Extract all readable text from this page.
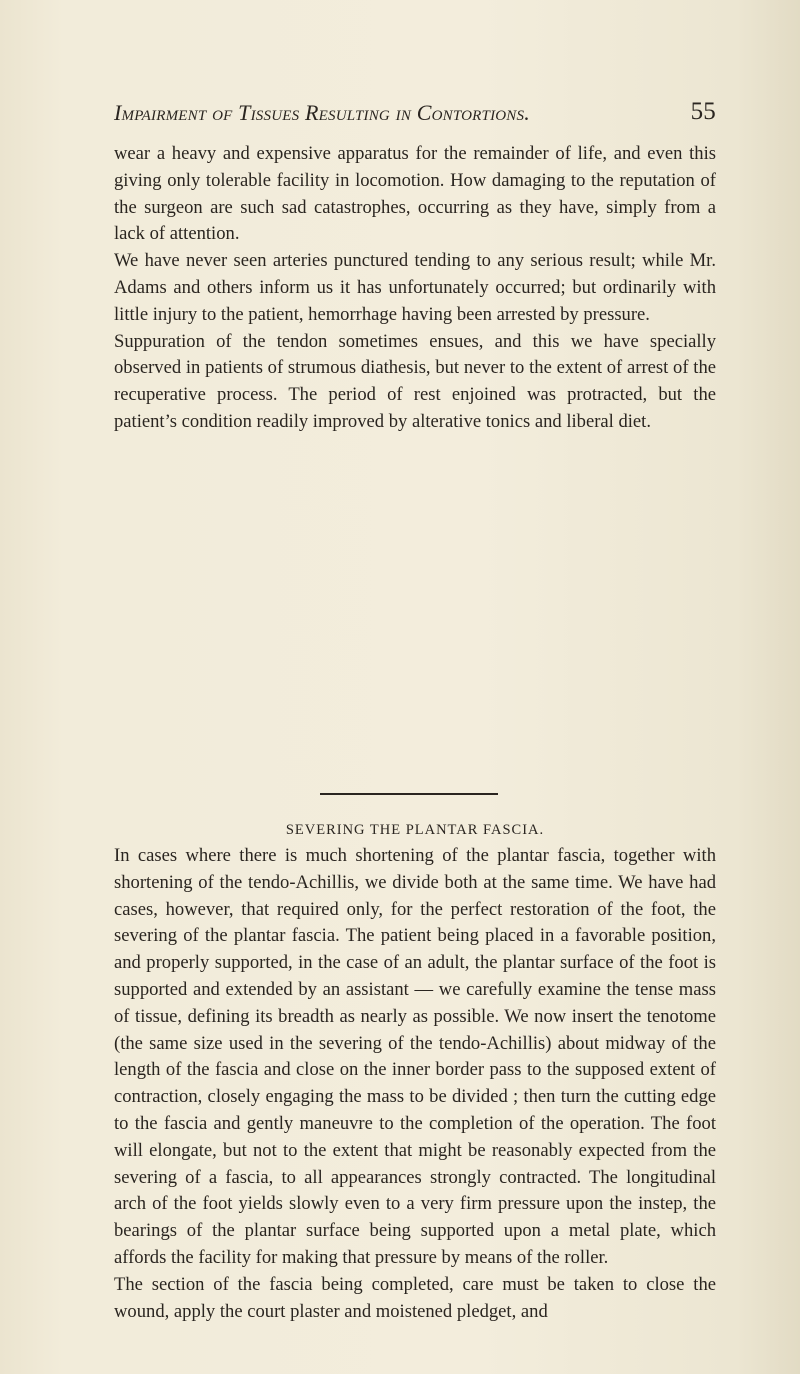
Impairment of Tissues Resulting in Contortions.	55

wear a heavy and expensive apparatus for the remainder of life, and even this giving only tolerable facility in locomotion. How damaging to the reputation of the surgeon are such sad catastrophes, occurring as they have, simply from a lack of attention.

We have never seen arteries punctured tending to any serious result; while Mr. Adams and others inform us it has unfortunately occurred; but ordinarily with little injury to the patient, hemorrhage having been arrested by pressure.

Suppuration of the tendon sometimes ensues, and this we have specially observed in patients of strumous diathesis, but never to the extent of arrest of the recuperative process. The period of rest enjoined was protracted, but the patient’s condition readily improved by alterative tonics and liberal diet.

SEVERING THE PLANTAR FASCIA.

In cases where there is much shortening of the plantar fascia, together with shortening of the tendo-Achillis, we divide both at the same time. We have had cases, however, that required only, for the perfect restoration of the foot, the severing of the plantar fascia. The patient being placed in a favorable position, and properly supported, in the case of an adult, the plantar surface of the foot is supported and extended by an assistant — we carefully examine the tense mass of tissue, defining its breadth as nearly as possible. We now insert the tenotome (the same size used in the severing of the tendo-Achillis) about midway of the length of the fascia and close on the inner border pass to the supposed extent of contraction, closely engaging the mass to be divided ; then turn the cutting edge to the fascia and gently maneuvre to the completion of the operation. The foot will elongate, but not to the extent that might be reasonably expected from the severing of a fascia, to all appearances strongly contracted. The longitudinal arch of the foot yields slowly even to a very firm pressure upon the instep, the bearings of the plantar surface being supported upon a metal plate, which affords the facility for making that pressure by means of the roller.

The section of the fascia being completed, care must be taken to close the wound, apply the court plaster and moistened pledget, and
